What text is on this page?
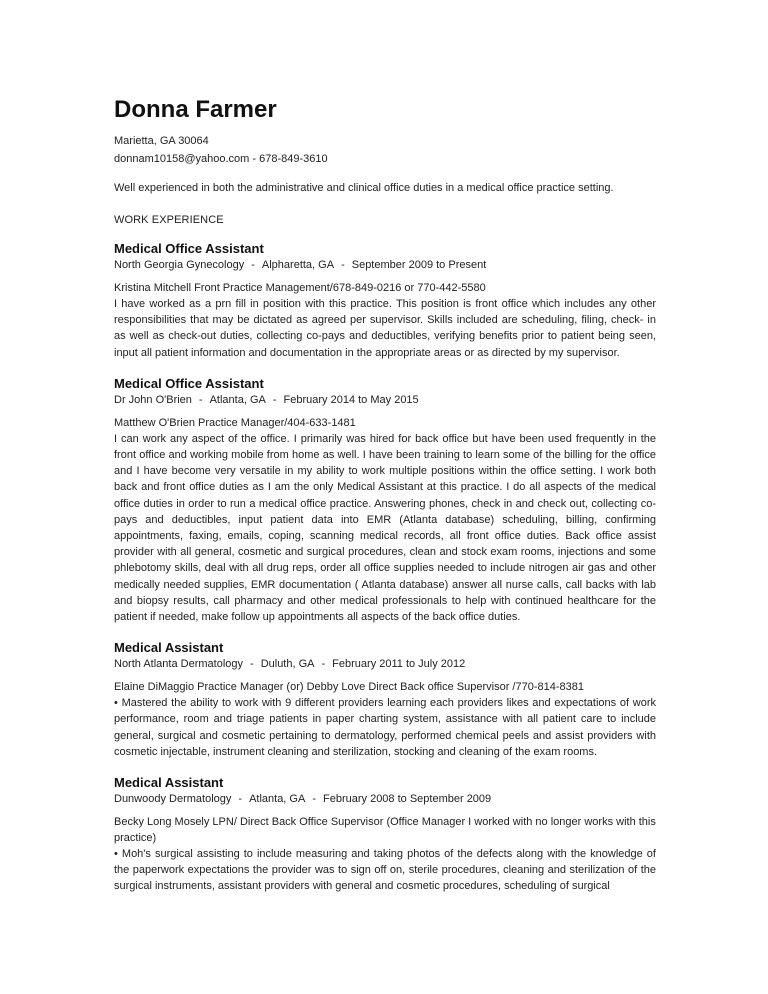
Donna Farmer
Marietta, GA 30064
donnam10158@yahoo.com - 678-849-3610
Well experienced in both the administrative and clinical office duties in a medical office practice setting.
WORK EXPERIENCE
Medical Office Assistant
North Georgia Gynecology - Alpharetta, GA - September 2009 to Present
Kristina Mitchell Front Practice Management/678-849-0216 or 770-442-5580
I have worked as a prn fill in position with this practice. This position is front office which includes any other responsibilities that may be dictated as agreed per supervisor. Skills included are scheduling, filing, check- in as well as check-out duties, collecting co-pays and deductibles, verifying benefits prior to patient being seen, input all patient information and documentation in the appropriate areas or as directed by my supervisor.
Medical Office Assistant
Dr John O'Brien - Atlanta, GA - February 2014 to May 2015
Matthew O'Brien Practice Manager/404-633-1481
I can work any aspect of the office. I primarily was hired for back office but have been used frequently in the front office and working mobile from home as well. I have been training to learn some of the billing for the office and I have become very versatile in my ability to work multiple positions within the office setting. I work both back and front office duties as I am the only Medical Assistant at this practice. I do all aspects of the medical office duties in order to run a medical office practice. Answering phones, check in and check out, collecting co-pays and deductibles, input patient data into EMR (Atlanta database) scheduling, billing, confirming appointments, faxing, emails, coping, scanning medical records, all front office duties. Back office assist provider with all general, cosmetic and surgical procedures, clean and stock exam rooms, injections and some phlebotomy skills, deal with all drug reps, order all office supplies needed to include nitrogen air gas and other medically needed supplies, EMR documentation ( Atlanta database) answer all nurse calls, call backs with lab and biopsy results, call pharmacy and other medical professionals to help with continued healthcare for the patient if needed, make follow up appointments all aspects of the back office duties.
Medical Assistant
North Atlanta Dermatology - Duluth, GA - February 2011 to July 2012
Elaine DiMaggio Practice Manager (or) Debby Love Direct Back office Supervisor /770-814-8381
• Mastered the ability to work with 9 different providers learning each providers likes and expectations of work performance, room and triage patients in paper charting system, assistance with all patient care to include general, surgical and cosmetic pertaining to dermatology, performed chemical peels and assist providers with cosmetic injectable, instrument cleaning and sterilization, stocking and cleaning of the exam rooms.
Medical Assistant
Dunwoody Dermatology - Atlanta, GA - February 2008 to September 2009
Becky Long Mosely LPN/ Direct Back Office Supervisor (Office Manager I worked with no longer works with this practice)
• Moh's surgical assisting to include measuring and taking photos of the defects along with the knowledge of the paperwork expectations the provider was to sign off on, sterile procedures, cleaning and sterilization of the surgical instruments, assistant providers with general and cosmetic procedures, scheduling of surgical
